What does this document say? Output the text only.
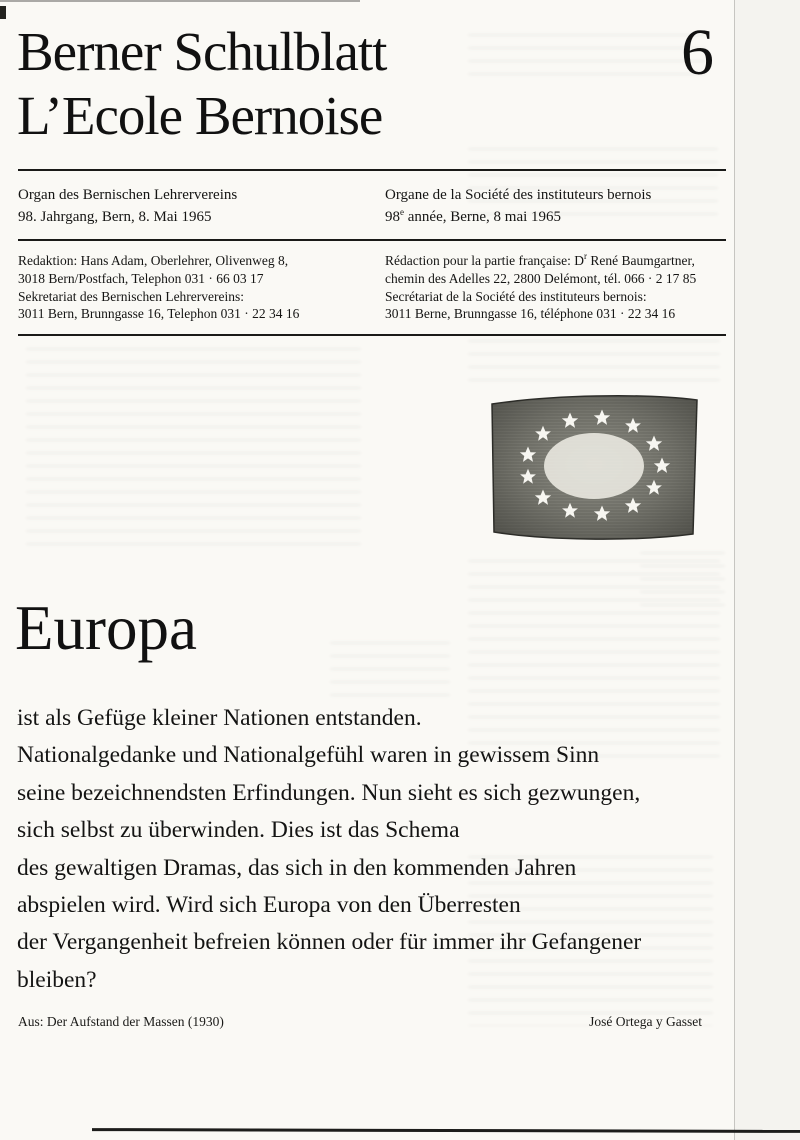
Berner Schulblatt
L’Ecole Bernoise
6
Organ des Bernischen Lehrervereins
98. Jahrgang, Bern, 8. Mai 1965
Organe de la Société des instituteurs bernois
98e année, Berne, 8 mai 1965
Redaktion: Hans Adam, Oberlehrer, Olivenweg 8,
3018 Bern/Postfach, Telephon 031 · 66 03 17
Sekretariat des Bernischen Lehrervereins:
3011 Bern, Brunngasse 16, Telephon 031 · 22 34 16
Rédaction pour la partie française: $D^r$ René Baumgartner,
chemin des Adelles 22, 2800 Delémont, tél. 066 · 2 17 85
Secrétariat de la Société des instituteurs bernois:
3011 Berne, Brunngasse 16, téléphone 031 · 22 34 16
Europa
ist als Gefüge kleiner Nationen entstanden.
Nationalgedanke und Nationalgefühl waren in gewissem Sinn
seine bezeichnendsten Erfindungen. Nun sieht es sich gezwungen,
sich selbst zu überwinden. Dies ist das Schema
des gewaltigen Dramas, das sich in den kommenden Jahren
abspielen wird. Wird sich Europa von den Überresten
der Vergangenheit befreien können oder für immer ihr Gefangener
bleiben?
Aus: Der Aufstand der Massen (1930)	José Ortega y Gasset
